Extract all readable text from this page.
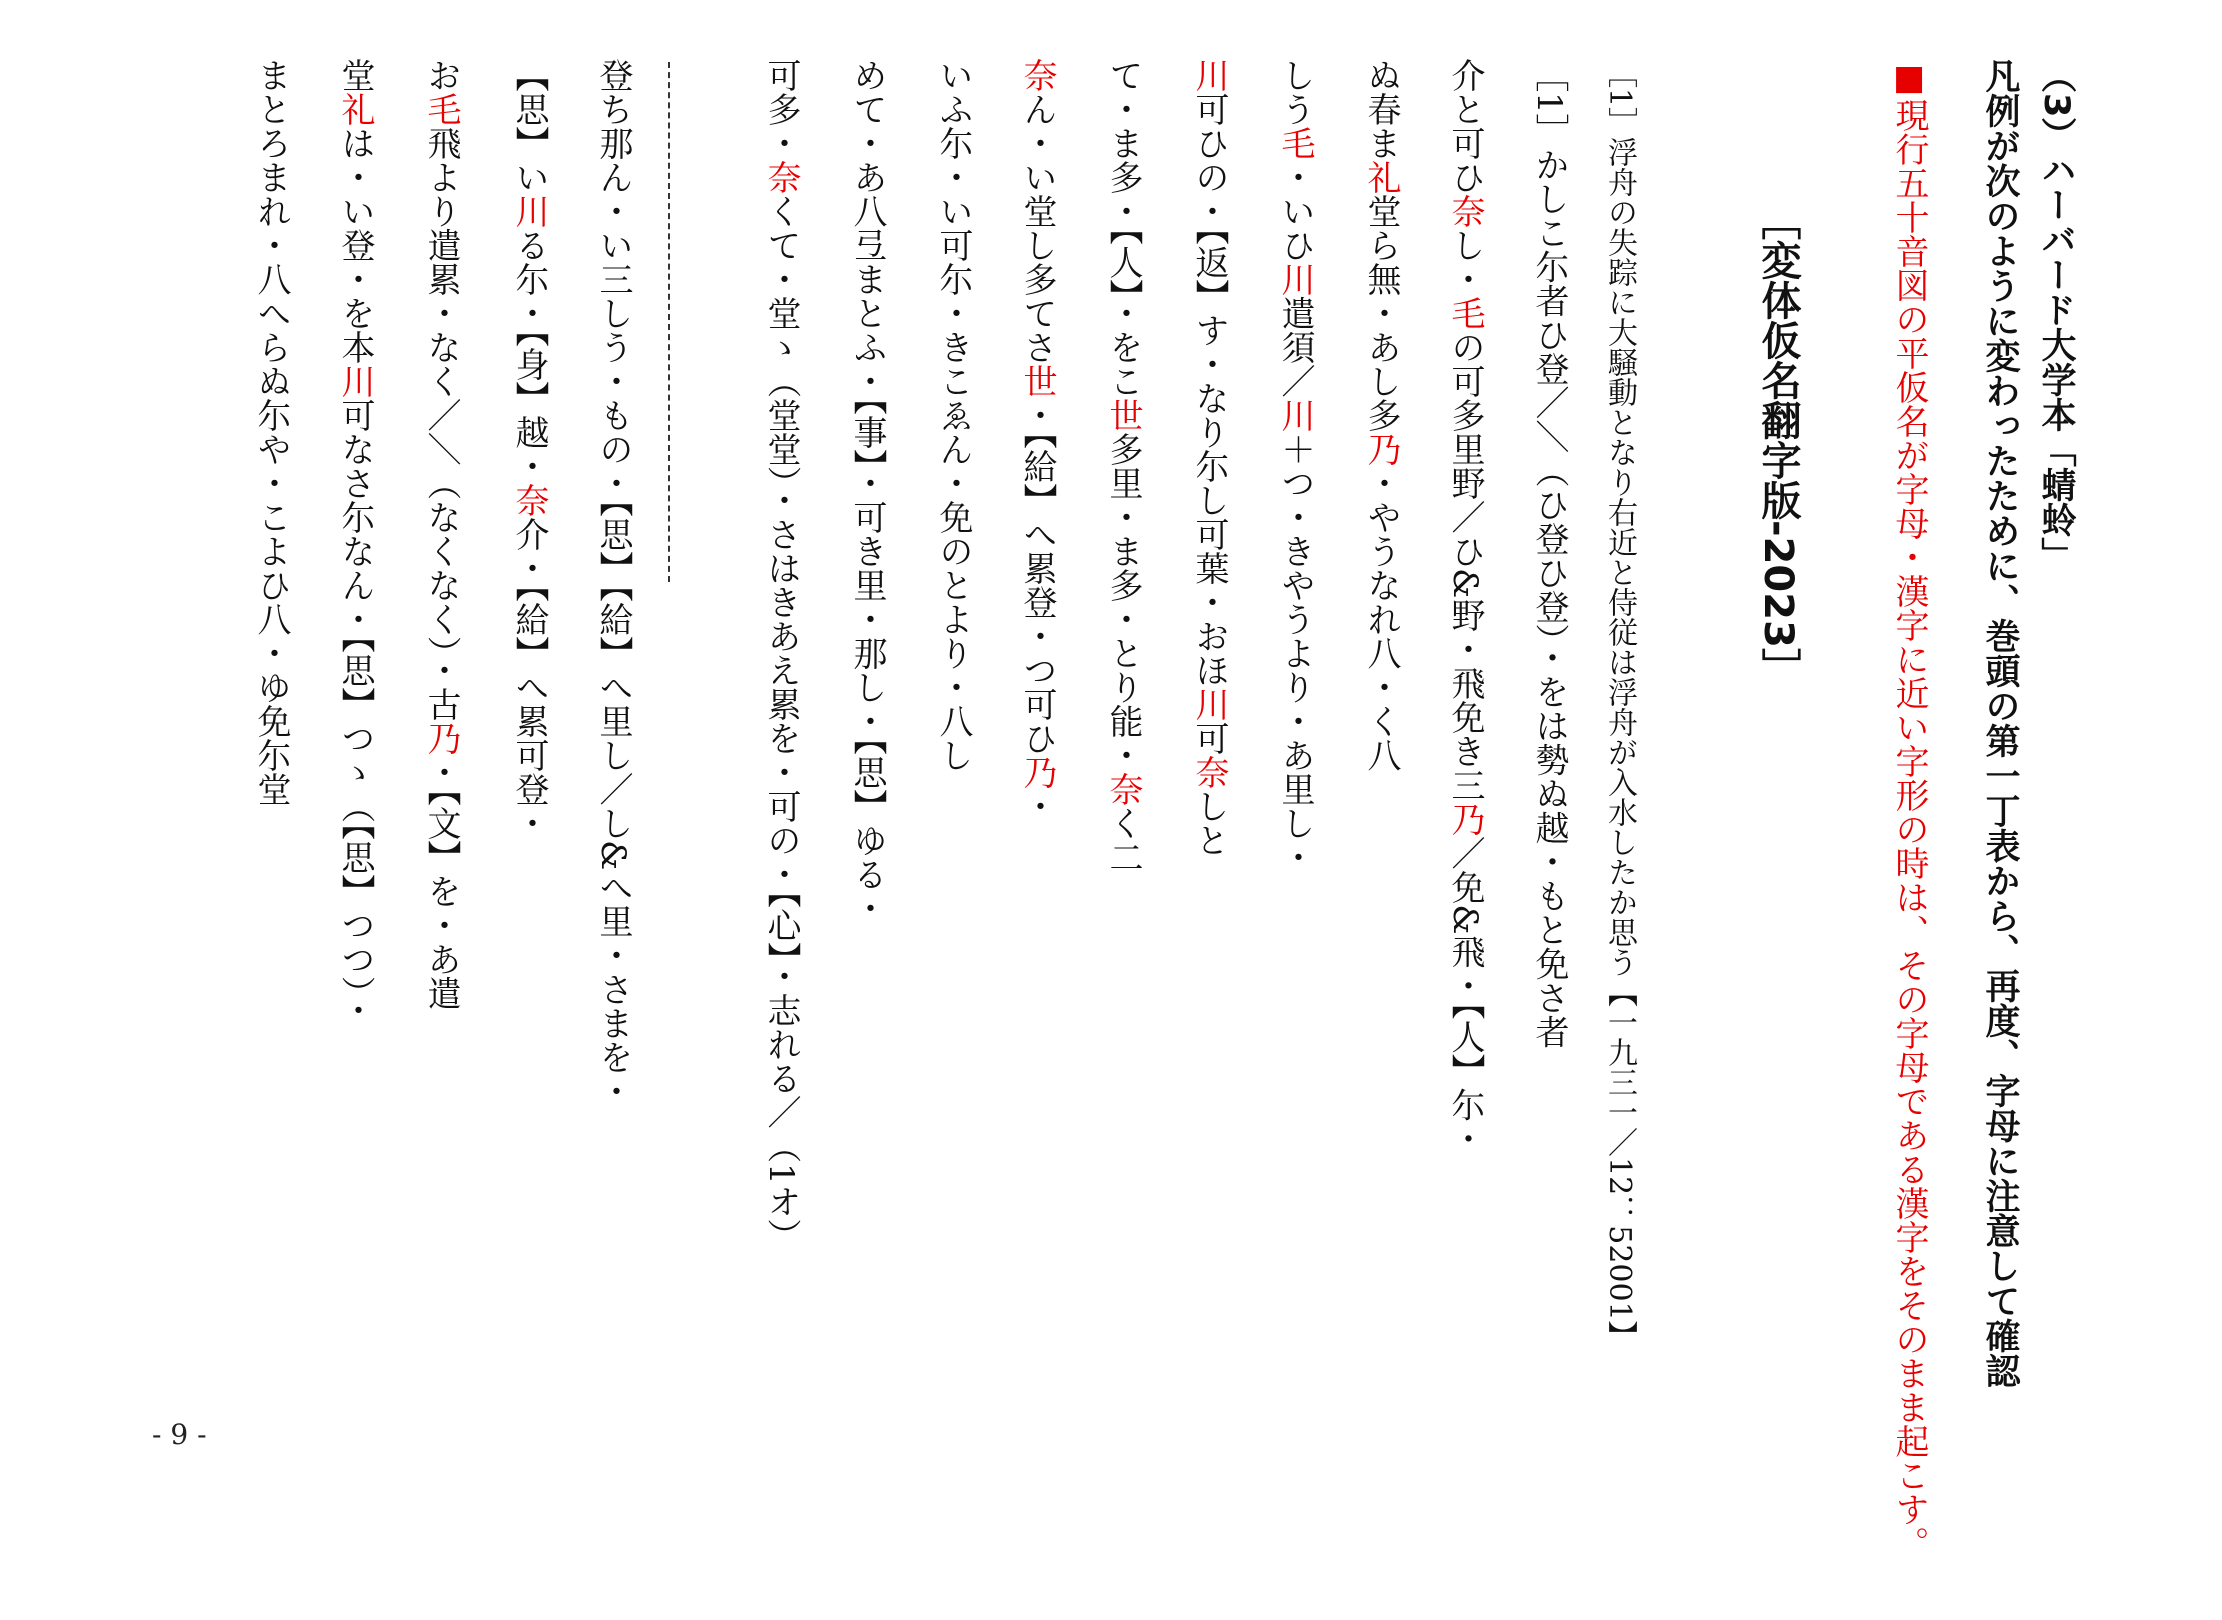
（3）ハーバード大学本「蜻蛉」
凡例が次のように変わったために、巻頭の第一丁表から、再度、字母に注意して確認
■現行五十音図の平仮名が字母・漢字に近い字形の時は、その字母である漢字をそのまま起こす。
［変体仮名翻字版-2023］
［1］浮舟の失踪に大騒動となり右近と侍従は浮舟が入水したか思う【一九三一／12：52001】
［1］かしこ尓者ひ登／＼（ひ登ひ登）・をは勢ぬ越・もと免さ者
介と可ひ奈し・毛の可多里野／ひ&野・飛免き三乃／免&飛・【人】尓・
ぬ春ま礼堂ら無・あし多乃・やうなれ八・く八
しう毛・いひ川遣須／川＋つ・きやうより・あ里し・
川可ひの・【返】す・なり尓し可葉・おほ川可奈しと
て・ま多・【人】・をこ世多里・ま多・とり能・奈く二
奈ん・い堂し多てさ世・【給】へ累登・つ可ひ乃・
いふ尓・い可尓・きこゑん・免のとより・八し
めて・あ八弖まとふ・【事】・可き里・那し・【思】ゆる・
可多・奈くて・堂ゝ（堂堂）・さはきあえ累を・可の・【心】・志れる／（1オ）
登ち那ん・い三しう・もの・【思】【給】へ里し／し&へ里・さまを・
【思】い川る尓・【身】越・奈介・【給】へ累可登・
お毛飛より遣累・なく／＼（なくなく）・古乃・【文】を・あ遣
堂礼は・い登・を本川可なさ尓なん・【思】つゝ（【思】つつ）・
まとろまれ・八へらぬ尓や・こよひ八・ゆ免尓堂
- 9 -
